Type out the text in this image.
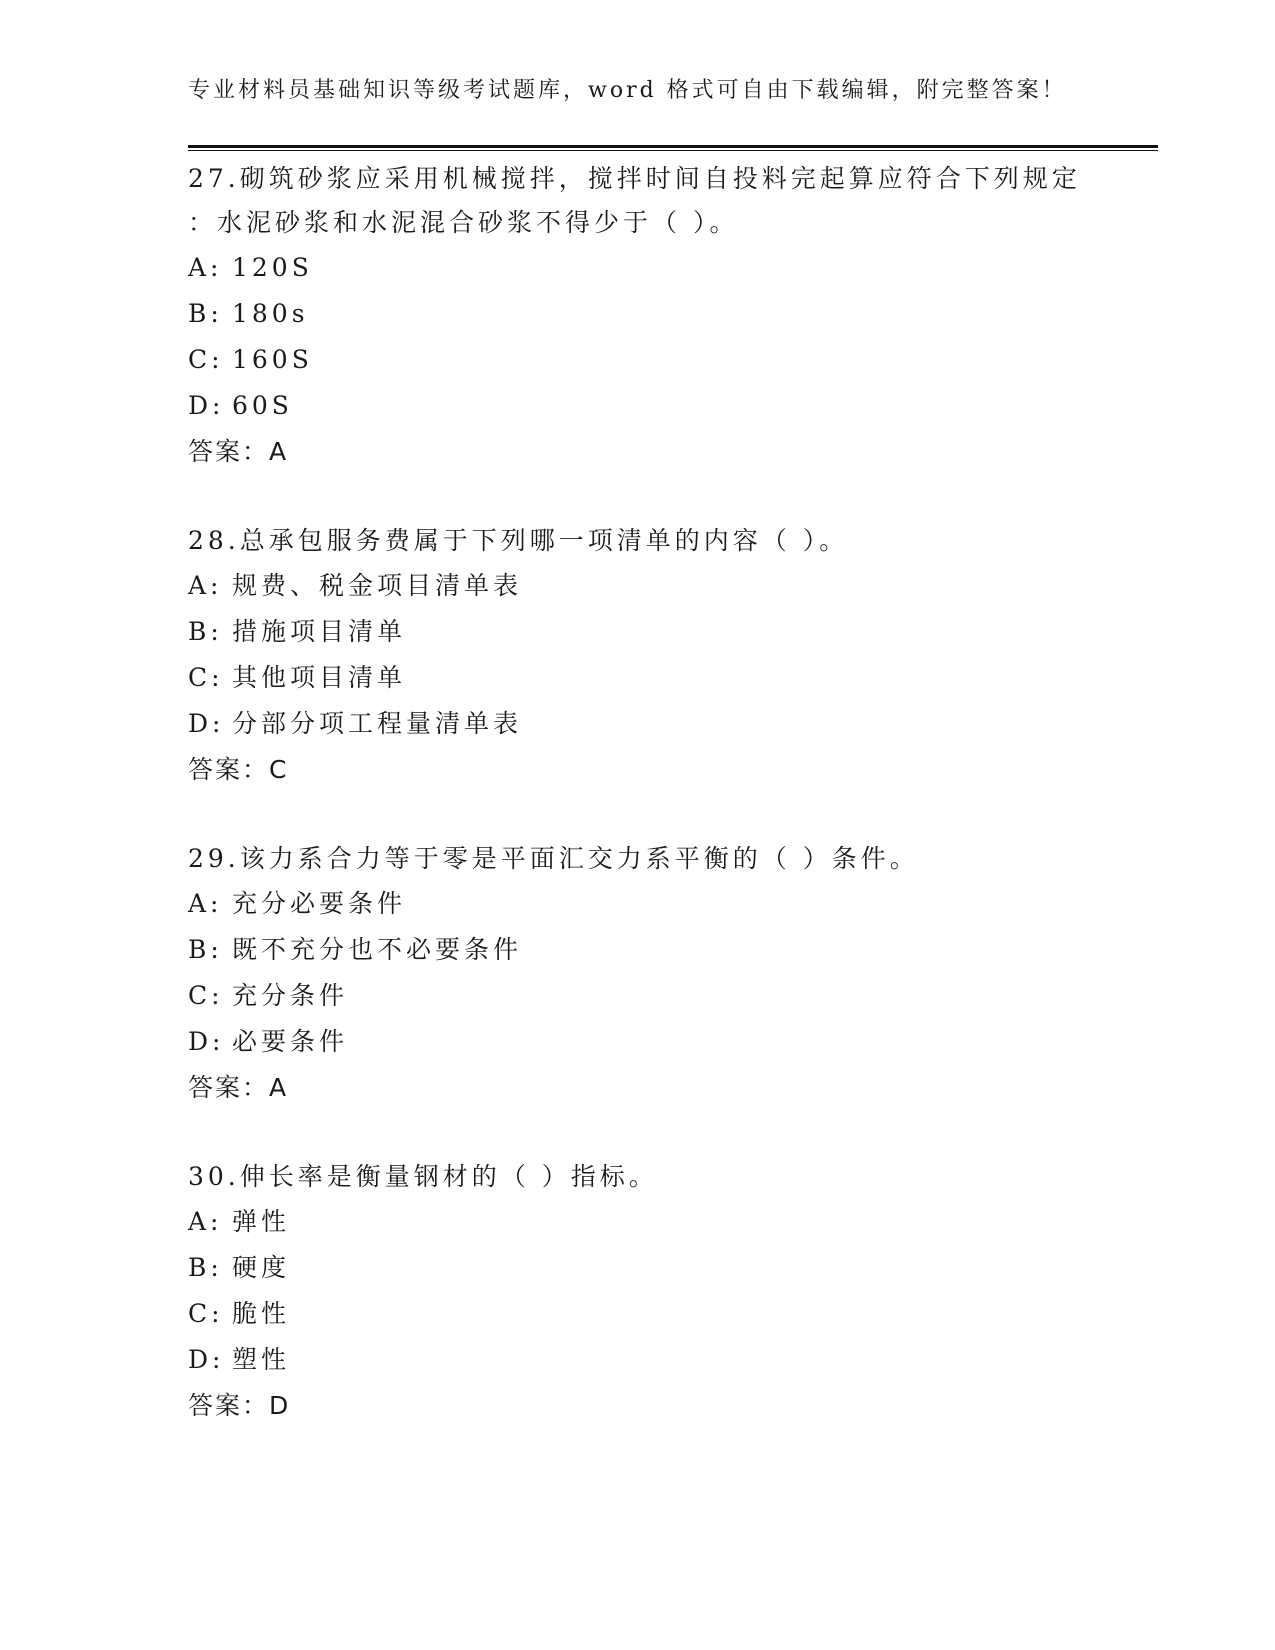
专业材料员基础知识等级考试题库，word 格式可自由下载编辑，附完整答案！

27.砌筑砂浆应采用机械搅拌，搅拌时间自投料完起算应符合下列规定
：水泥砂浆和水泥混合砂浆不得少于（ ）。

A: 120S
B: 180s
C: 160S
D: 60S
答案：A

28.总承包服务费属于下列哪一项清单的内容（ ）。

A: 规费、税金项目清单表
B: 措施项目清单
C: 其他项目清单
D: 分部分项工程量清单表
答案：C

29.该力系合力等于零是平面汇交力系平衡的（ ）条件。

A: 充分必要条件
B: 既不充分也不必要条件
C: 充分条件
D: 必要条件
答案：A

30.伸长率是衡量钢材的（ ）指标。

A: 弹性
B: 硬度
C: 脆性
D: 塑性
答案：D
